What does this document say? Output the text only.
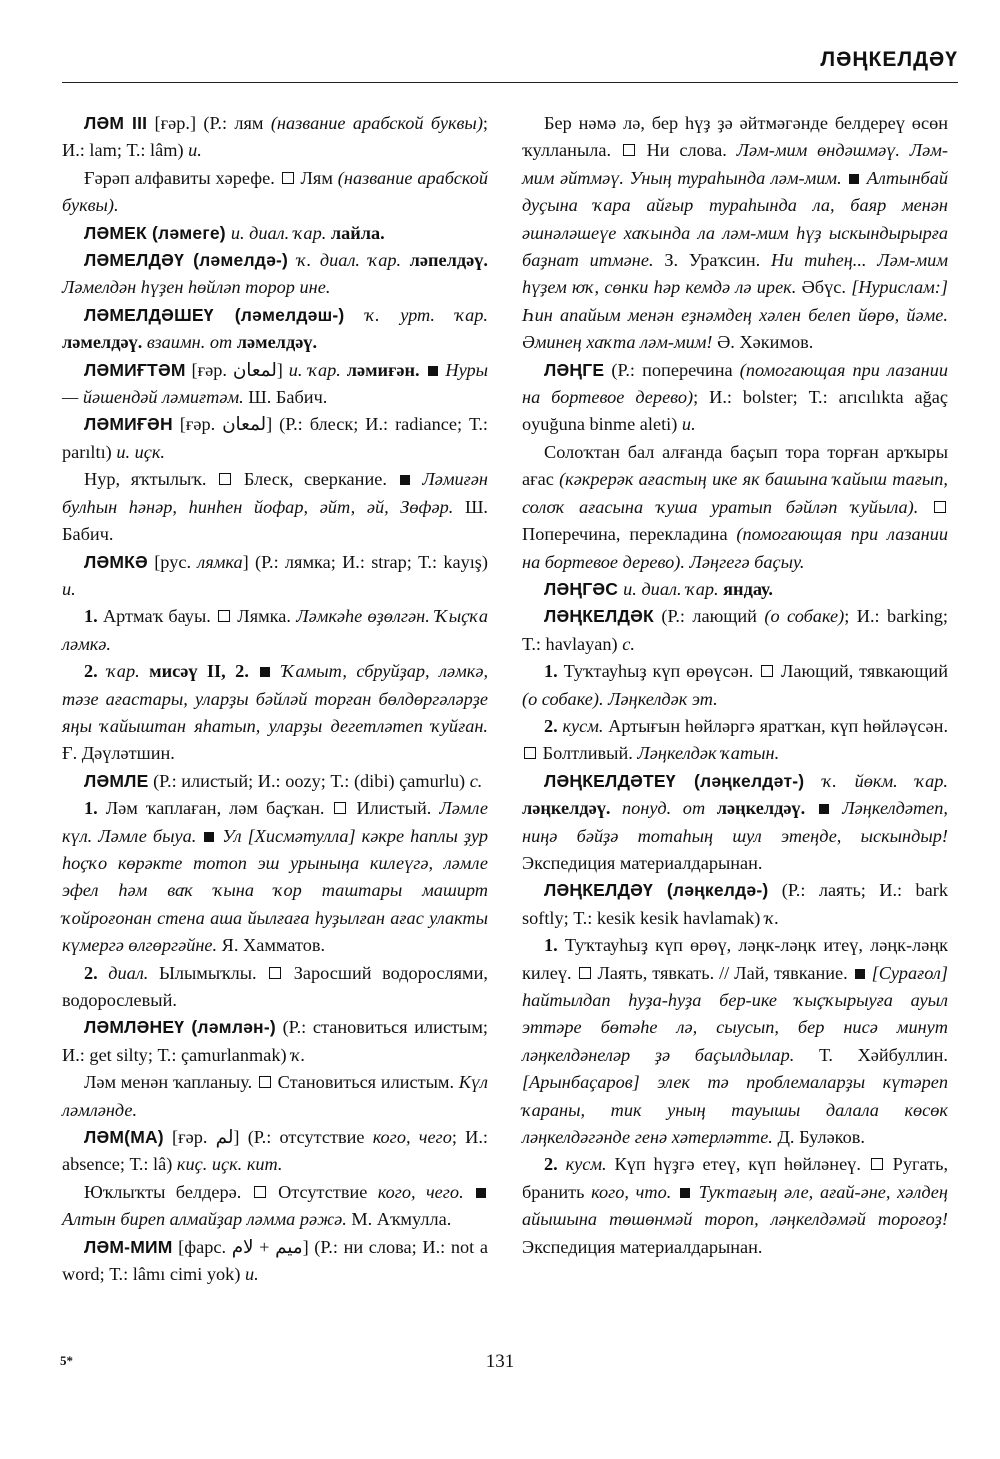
ЛӘҢКЕЛДӘҮ

ЛӘМ III [ғәр.] (Р.: лям (название арабской буквы); И.: lam; Т.: lâm) и.

Ғәрәп алфавиты хәрефе.  Лям (название арабской буквы).

ЛӘМЕК (ләмеге) и. диал. ҡар. лайла.

ЛӘМЕЛДӘҮ (ләмелдә-) ҡ. диал. ҡар. ләпелдәү. Ләмелдән һүҙен һөйләп торор ине.

ЛӘМЕЛДӘШЕҮ (ләмелдәш-) ҡ. урт. ҡар. ләмелдәү. взаимн. от ләмелдәү.

ЛӘМИҒТӘМ [ғәр. لمعان] и. ҡар. ләмиғән.  Нуры — йәшендәй ләмиғтәм. Ш. Бабич.

ЛӘМИҒӘН [ғәр. لمعان] (Р.: блеск; И.: radiance; Т.: parıltı) и. иҫк.

Нур, яҡтылыҡ.  Блеск, сверкание.  Ләмиғән булһын һәнәр, һинһен йофар, әйт, әй, Зөфәр. Ш. Бабич.

ЛӘМКӘ [рус. лямка] (Р.: лямка; И.: strap; Т.: kayış) и.

1. Артмаҡ бауы.  Лямка. Ләмкәһе өҙөлгән. Ҡыҫҡа ләмкә.

2. ҡар. мисәү II, 2.  Ҡамыт, сбруйҙар, ләмкә, тәзе ағастары, уларҙы бәйләй торған бөлдөргәләрҙе яңы ҡайыштан яһатып, уларҙы дегетләтеп ҡуйған. Ғ. Дәүләтшин.

ЛӘМЛЕ (Р.: илистый; И.: oozy; Т.: (dibi) çamurlu) с.

1. Ләм ҡаплаған, ләм баҫҡан.  Илистый. Ләмле күл. Ләмле быуа.  Ул [Хисмәтулла] кәкре һаплы ҙур һоҫҡо көрәкте тотоп эш урыныңа килеүгә, ләмле эфел һәм ваҡ ҡына ҡор таштары маширт ҡойроғонан стена аша йылғаға һуҙылған ағас улакты күмергә өлгөргәйне. Я. Хамматов.

2. диал. Ылымыҡлы.  Заросший водорослями, водорослевый.

ЛӘМЛӘНЕҮ (ләмлән-) (Р.: становиться илистым; И.: get silty; Т.: çamurlanmak) ҡ.

Ләм менән ҡапланыу.  Становиться илистым. Күл ләмләнде.

ЛӘМ(МА) [ғәр. لم] (Р.: отсутствие кого, чего; И.: absence; Т.: lâ) киҫ. иҫк. кит.

Юҡлыҡты белдерә.  Отсутствие кого, чего.  Алтын биреп алмайҙар ләмма рәжә. М. Аҡмулла.

ЛӘМ-МИМ [фарс. ميم + لام] (Р.: ни слова; И.: not a word; Т.: lâmı cimi yok) и.

Бер нәмә лә, бер һүҙ ҙә әйтмәгәнде белдереү өсөн ҡулланыла.  Ни слова. Ләм-мим өндәшмәү. Ләм-мим әйтмәү. Уның тураһында ләм-мим.  Алтынбай дуҫына ҡара айғыр тураһында ла, баяр менән әшнәләшеүе хаҡында ла ләм-мим һүҙ ыскындырырға баҙнат итмәне. З. Ураҡсин. Ни тиһең... Ләм-мим һүҙем юҡ, сөнки һәр кемдә лә ирек. Әбүс. [Нурислам:] Һин апайым менән еҙнәмдең хәлен белеп йөрө, йәме. Әминең хаҡта ләм-мим! Ә. Хәкимов.

ЛӘҢГЕ (Р.: поперечина (помогающая при лазании на бортевое дерево); И.: bolster; Т.: arıcılıkta ağaç oyuğuna binme aleti) и.

Солоҡтан бал алғанда баҫып тора торған арҡыры ағас (кәкрерәк ағастың ике як башына ҡайыш тағып, солоҡ ағасына ҡуша уратып бәйләп ҡуйыла).  Поперечина, перекладина (помогающая при лазании на бортевое дерево). Ләңгегә баҫыу.

ЛӘҢГӘС и. диал. ҡар. яндау.

ЛӘҢКЕЛДӘК (Р.: лающий (о собаке); И.: barking; Т.: havlayan) с.

1. Туҡтауһыҙ күп өрөүсән.  Лающий, тявкающий (о собаке). Ләңкелдәк эт.

2. кусм. Артығын һөйләргә яратҡан, күп һөйләүсән.  Болтливый. Ләңкелдәк ҡатын.

ЛӘҢКЕЛДӘТЕҮ (ләңкелдәт-) ҡ. йөкм. ҡар. ләңкелдәү. понуд. от ләңкелдәү.  Ләңкелдәтеп, ниңә бәйҙә тотаһың шул этеңде, ыскындыр! Экспедиция материалдарынан.

ЛӘҢКЕЛДӘҮ (ләңкелдә-) (Р.: лаять; И.: bark softly; Т.: kesik kesik havlamak) ҡ.

1. Туҡтауһыҙ күп өрөү, ләңк-ләңк итеү, ләңк-ләңк килеү.  Лаять, тявкать. // Лай, тявкание.  [Сурағол] һайтылдап һуҙа-һуҙа бер-ике ҡыҫҡырыуға ауыл эттәре бөтәһе лә, сыусып, бер нисә минут ләңкелдәнеләр ҙә баҫылдылар. Т. Хәйбуллин. [Арынбаҫаров] элек тә проблемаларҙы күтәреп ҡараны, тик уның тауышы далала көсөк ләңкелдәгәнде генә хәтерләтте. Д. Буләков.

2. кусм. Күп һүҙгә етеү, күп һөйләнеү.  Ругать, бранить кого, что.  Туҡтағың әле, ағай-әне, хәлдең айышына төшөнмәй тороп, ләңкелдәмәй тороғоҙ! Экспедиция материалдарынан.

5*	131
